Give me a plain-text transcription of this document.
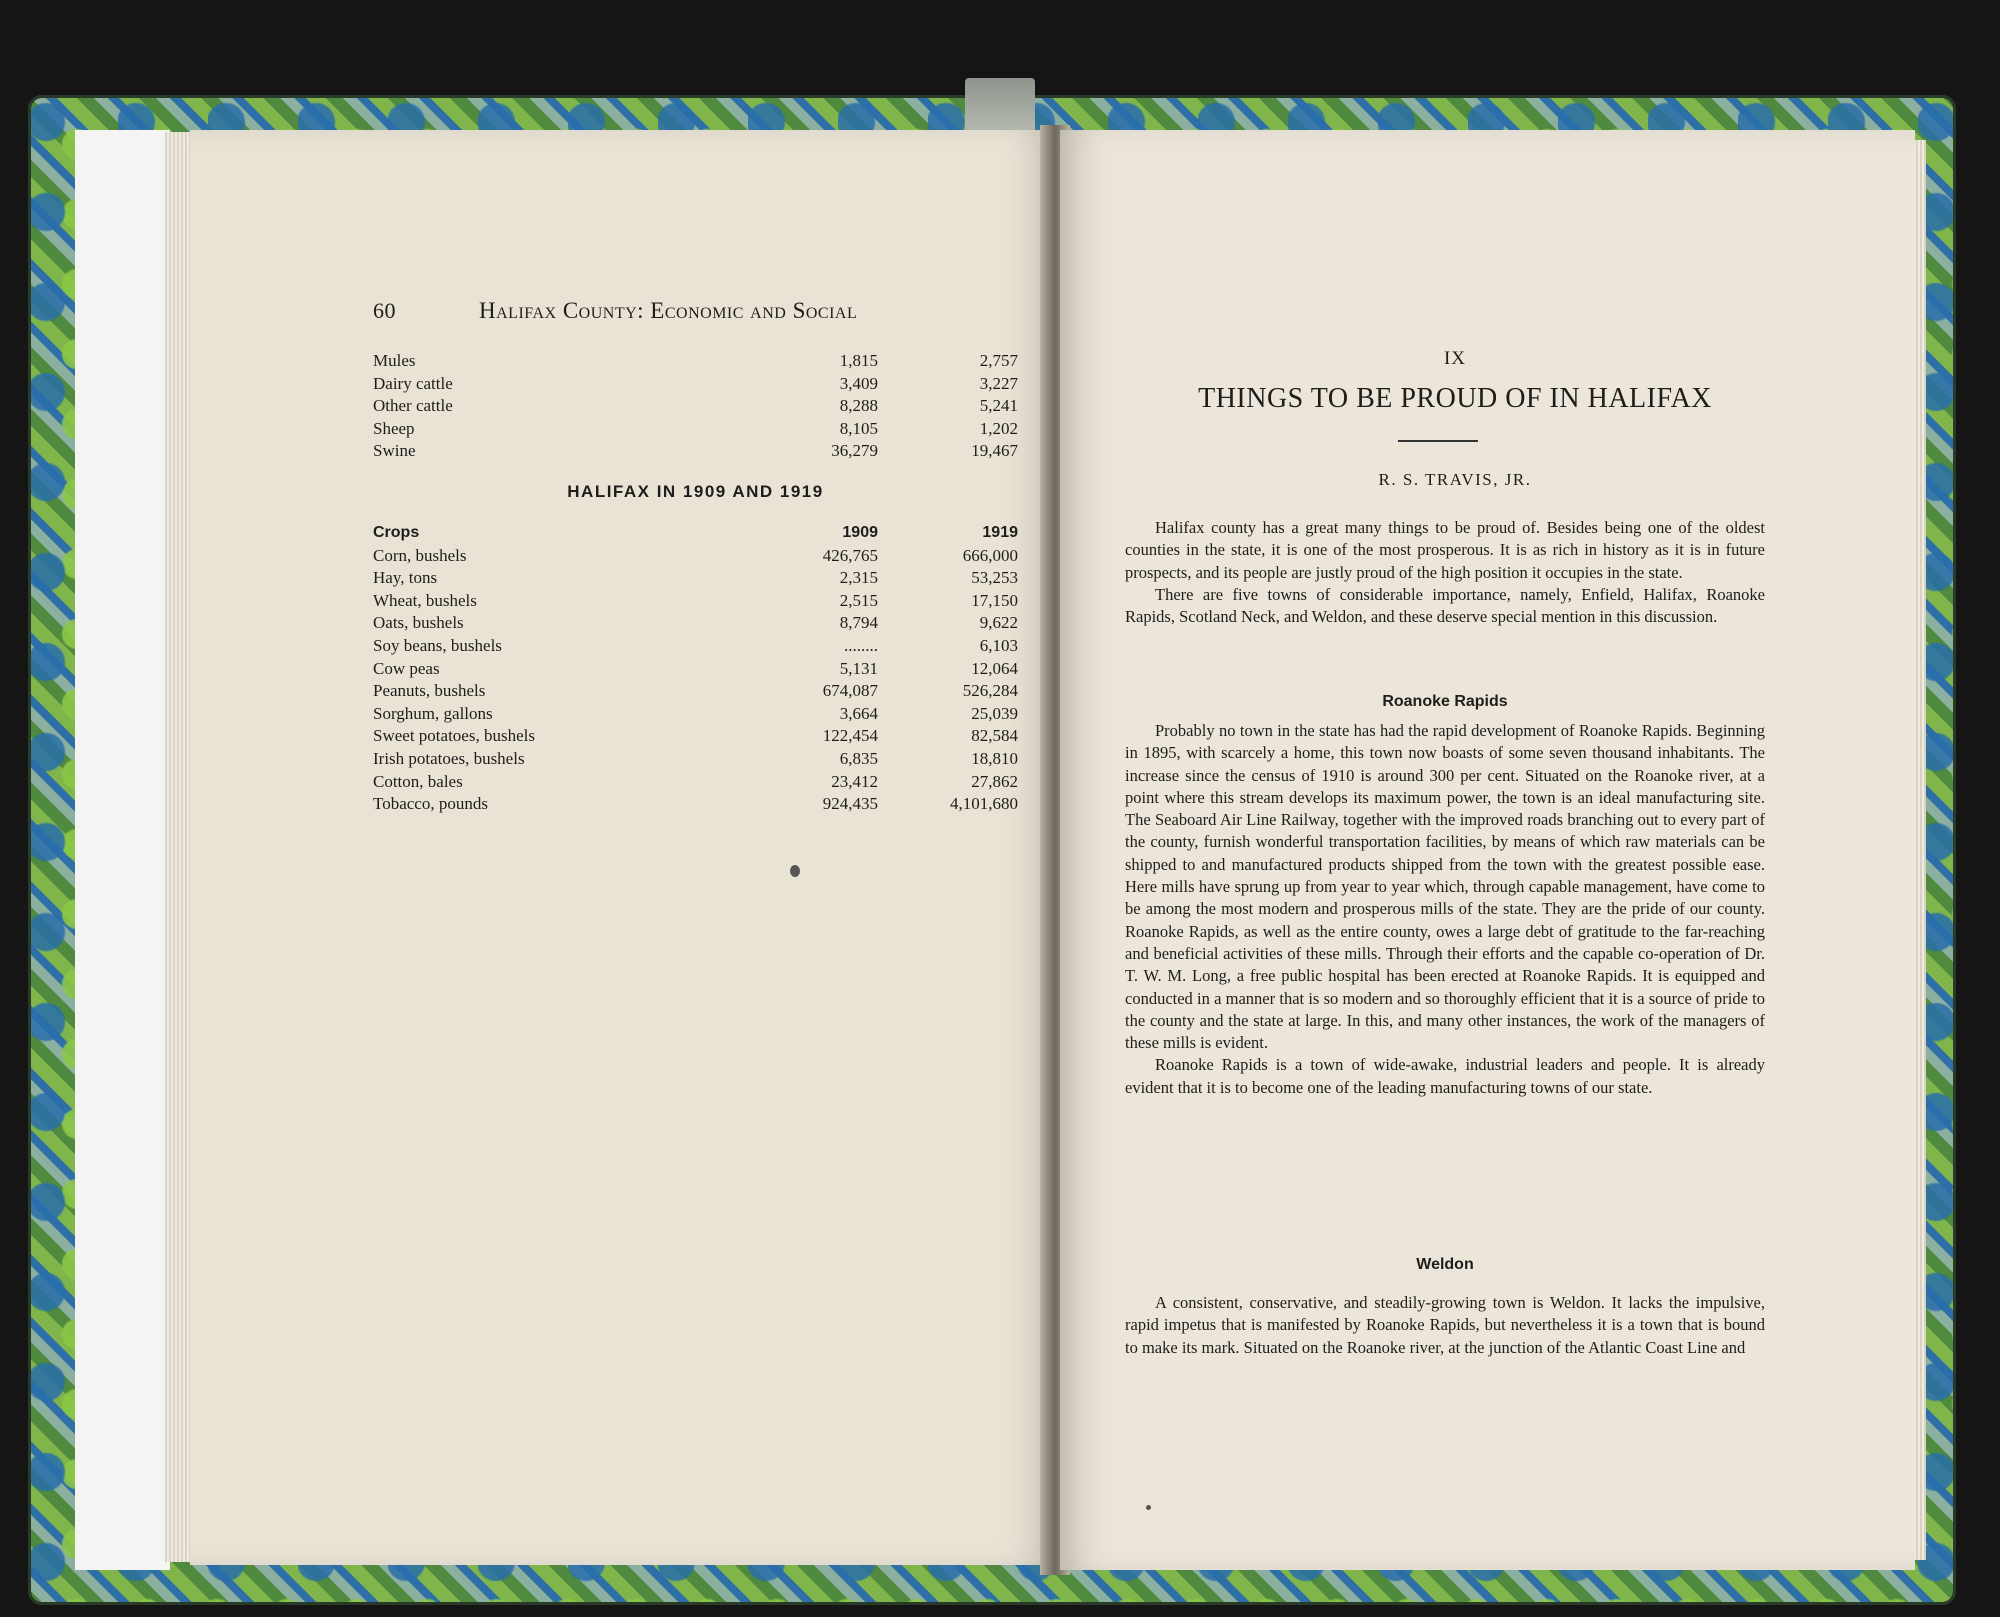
60	Halifax County: Economic and Social
Mules	1,815	2,757
Dairy cattle	3,409	3,227
Other cattle	8,288	5,241
Sheep	8,105	1,202
Swine	36,279	19,467
HALIFAX IN 1909 AND 1919
Crops	1909	1919
Corn, bushels	426,765	666,000
Hay, tons	2,315	53,253
Wheat, bushels	2,515	17,150
Oats, bushels	8,794	9,622
Soy beans, bushels	........	6,103
Cow peas	5,131	12,064
Peanuts, bushels	674,087	526,284
Sorghum, gallons	3,664	25,039
Sweet potatoes, bushels	122,454	82,584
Irish potatoes, bushels	6,835	18,810
Cotton, bales	23,412	27,862
Tobacco, pounds	924,435	4,101,680
IX
THINGS TO BE PROUD OF IN HALIFAX
R. S. TRAVIS, JR.

Halifax county has a great many things to be proud of. Besides being one of the oldest counties in the state, it is one of the most prosperous. It is as rich in history as it is in future prospects, and its people are justly proud of the high position it occupies in the state.

There are five towns of considerable importance, namely, Enfield, Halifax, Roanoke Rapids, Scotland Neck, and Weldon, and these deserve special mention in this discussion.

Roanoke Rapids

Probably no town in the state has had the rapid development of Roanoke Rapids. Beginning in 1895, with scarcely a home, this town now boasts of some seven thousand inhabitants. The increase since the census of 1910 is around 300 per cent. Situated on the Roanoke river, at a point where this stream develops its maximum power, the town is an ideal manufacturing site. The Seaboard Air Line Railway, together with the improved roads branching out to every part of the county, furnish wonderful transportation facilities, by means of which raw materials can be shipped to and manufactured products shipped from the town with the greatest possible ease. Here mills have sprung up from year to year which, through capable management, have come to be among the most modern and prosperous mills of the state. They are the pride of our county. Roanoke Rapids, as well as the entire county, owes a large debt of gratitude to the far-reaching and beneficial activities of these mills. Through their efforts and the capable co-operation of Dr. T. W. M. Long, a free public hospital has been erected at Roanoke Rapids. It is equipped and conducted in a manner that is so modern and so thoroughly efficient that it is a source of pride to the county and the state at large. In this, and many other instances, the work of the managers of these mills is evident.

Roanoke Rapids is a town of wide-awake, industrial leaders and people. It is already evident that it is to become one of the leading manufacturing towns of our state.

Weldon

A consistent, conservative, and steadily-growing town is Weldon. It lacks the impulsive, rapid impetus that is manifested by Roanoke Rapids, but nevertheless it is a town that is bound to make its mark. Situated on the Roanoke river, at the junction of the Atlantic Coast Line and
